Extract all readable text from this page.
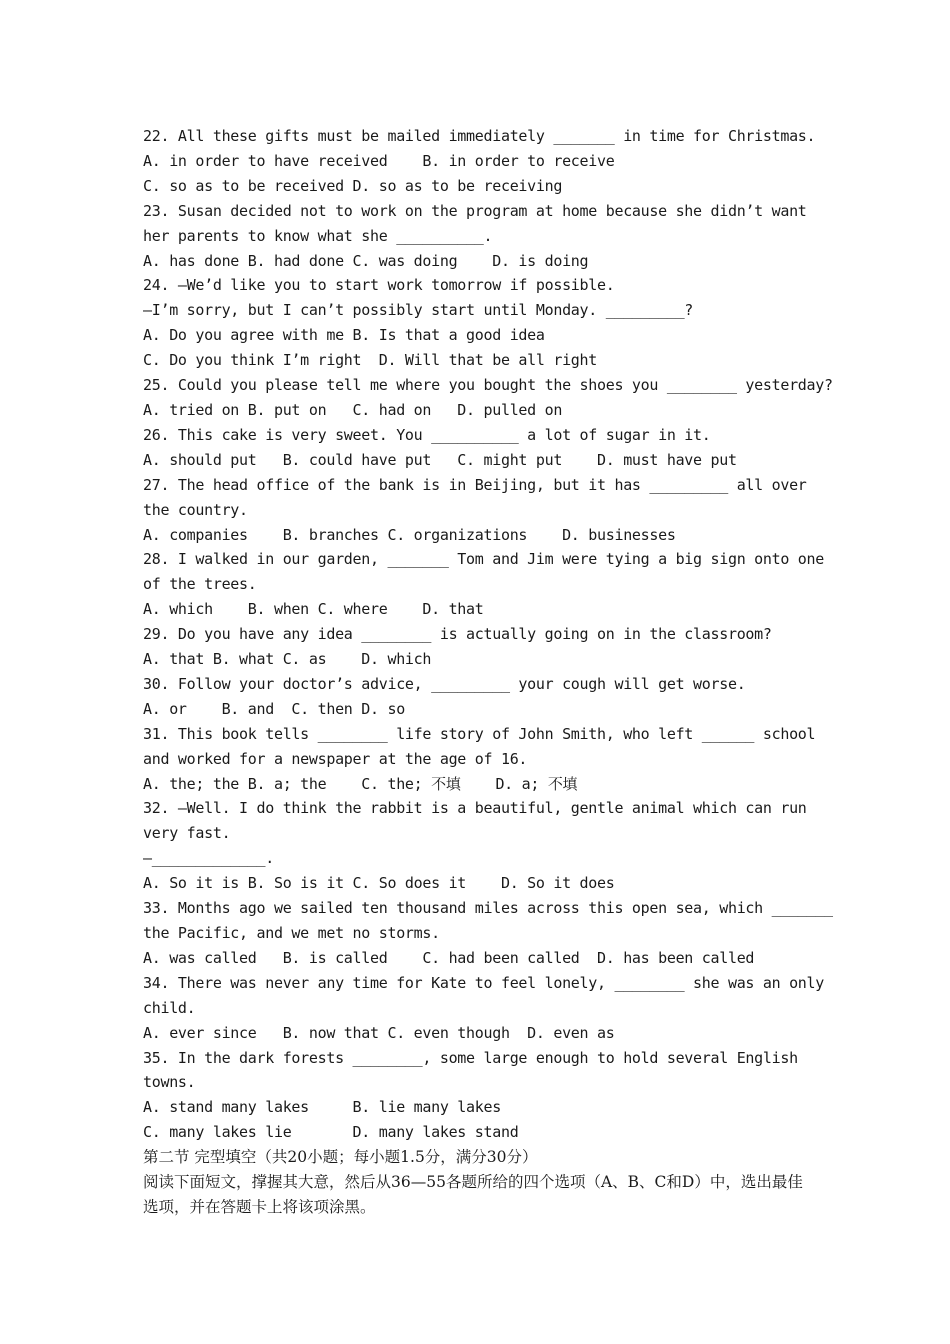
22. All these gifts must be mailed immediately _______ in time for Christmas.
A. in order to have received    B. in order to receive
C. so as to be received D. so as to be receiving
23. Susan decided not to work on the program at home because she didn’t want
her parents to know what she __________.
A. has done B. had done C. was doing    D. is doing
24. —We’d like you to start work tomorrow if possible.
—I’m sorry, but I can’t possibly start until Monday. _________?
A. Do you agree with me B. Is that a good idea
C. Do you think I’m right  D. Will that be all right
25. Could you please tell me where you bought the shoes you ________ yesterday?
A. tried on B. put on   C. had on   D. pulled on
26. This cake is very sweet. You __________ a lot of sugar in it.
A. should put   B. could have put   C. might put    D. must have put
27. The head office of the bank is in Beijing, but it has _________ all over
the country.
A. companies    B. branches C. organizations    D. businesses
28. I walked in our garden, _______ Tom and Jim were tying a big sign onto one
of the trees.
A. which    B. when C. where    D. that
29. Do you have any idea ________ is actually going on in the classroom?
A. that B. what C. as    D. which
30. Follow your doctor’s advice, _________ your cough will get worse.
A. or    B. and  C. then D. so
31. This book tells ________ life story of John Smith, who left ______ school
and worked for a newspaper at the age of 16.
A. the; the B. a; the    C. the; 不填    D. a; 不填
32. —Well. I do think the rabbit is a beautiful, gentle animal which can run
very fast.
—_____________.
A. So it is B. So is it C. So does it    D. So it does
33. Months ago we sailed ten thousand miles across this open sea, which _______
the Pacific, and we met no storms.
A. was called   B. is called    C. had been called  D. has been called
34. There was never any time for Kate to feel lonely, ________ she was an only
child.
A. ever since   B. now that C. even though  D. even as
35. In the dark forests ________, some large enough to hold several English
towns.
A. stand many lakes     B. lie many lakes
C. many lakes lie       D. many lakes stand
第二节 完型填空（共20小题；每小题1.5分，满分30分）
阅读下面短文，撑握其大意，然后从36—55各题所给的四个选项（A、B、C和D）中，选出最佳选项，并在答题卡上将该项涂黑。
